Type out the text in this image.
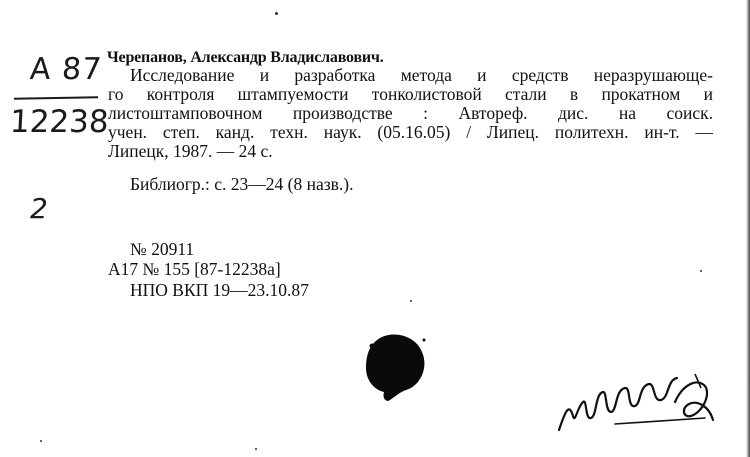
А 87
12238
2
Черепанов, Александр Владиславович.
Исследование и разработка метода и средств неразрушающе-
го контроля штампуемости тонколистовой стали в прокатном и
листоштамповочном производстве : Автореф. дис. на соиск.
учен. степ. канд. техн. наук. (05.16.05) / Липец. политехн. ин-т. —
Липецк, 1987. — 24 с.
Библиогр.: с. 23—24 (8 назв.).
№ 20911
А17 № 155 [87-12238а]
НПО ВКП 19—23.10.87
